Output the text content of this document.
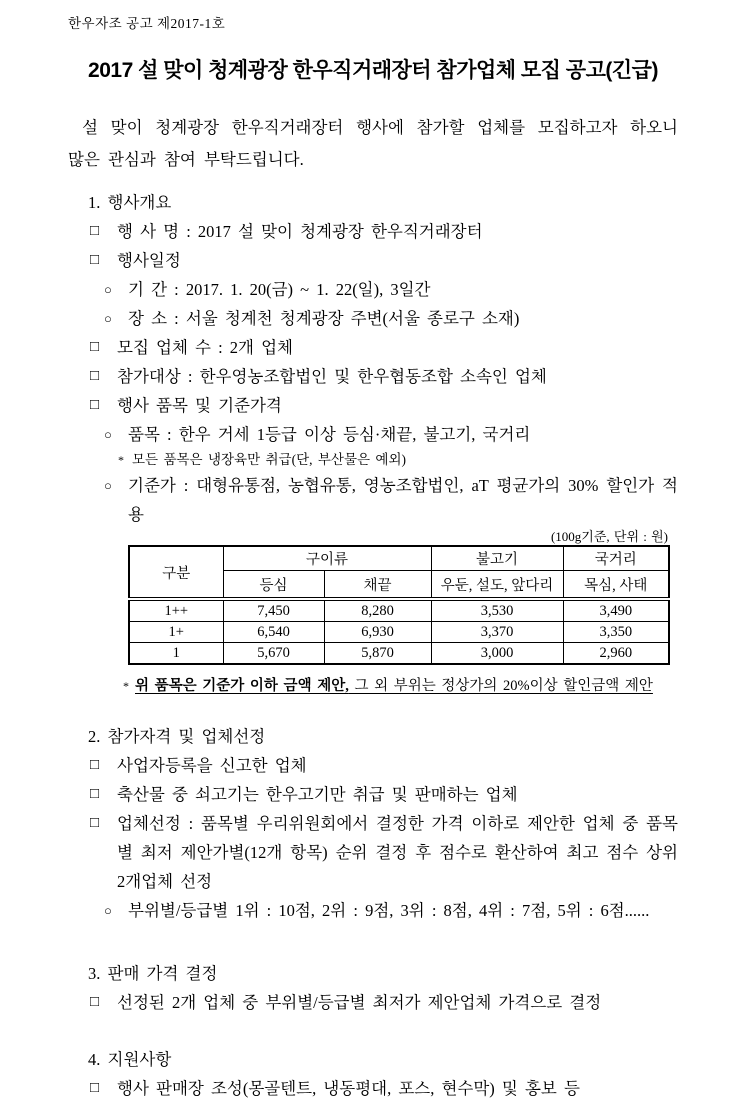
한우자조 공고 제2017-1호
2017 설 맞이 청계광장 한우직거래장터 참가업체 모집 공고(긴급)
설 맞이 청계광장 한우직거래장터 행사에 참가할 업체를 모집하고자 하오니
많은 관심과 참여 부탁드립니다.
1. 행사개요
□	행 사 명 : 2017 설 맞이 청계광장 한우직거래장터
□	행사일정
○ 기 간 : 2017. 1. 20(금) ~ 1. 22(일), 3일간
○ 장 소 : 서울 청계천 청계광장 주변(서울 종로구 소재)
□	모집 업체 수 : 2개 업체
□	참가대상 : 한우영농조합법인 및 한우협동조합 소속인 업체
□	행사 품목 및 기준가격
○ 품목 : 한우 거세 1등급 이상 등심·채끝, 불고기, 국거리
* 모든 품목은 냉장육만 취급(단, 부산물은 예외)
○ 기준가 : 대형유통점, 농협유통, 영농조합법인, aT 평균가의 30% 할인가 적용
(100g기준, 단위 : 원)
구분	구이류		불고기	국거리
	등심	채끝	우둔, 설도, 앞다리	목심, 사태
1++	7,450	8,280	3,530	3,490
1+	6,540	6,930	3,370	3,350
1	5,670	5,870	3,000	2,960
* 위 품목은 기준가 이하 금액 제안, 그 외 부위는 정상가의 20%이상 할인금액 제안
2. 참가자격 및 업체선정
□	사업자등록을 신고한 업체
□	축산물 중 쇠고기는 한우고기만 취급 및 판매하는 업체
□	업체선정 : 품목별 우리위원회에서 결정한 가격 이하로 제안한 업체 중 품목별 최저 제안가별(12개 항목) 순위 결정 후 점수로 환산하여 최고 점수 상위 2개업체 선정
○ 부위별/등급별 1위 : 10점, 2위 : 9점, 3위 : 8점, 4위 : 7점, 5위 : 6점......
3. 판매 가격 결정
□	선정된 2개 업체 중 부위별/등급별 최저가 제안업체 가격으로 결정
4. 지원사항
□	행사 판매장 조성(몽골텐트, 냉동평대, 포스, 현수막) 및 홍보 등
